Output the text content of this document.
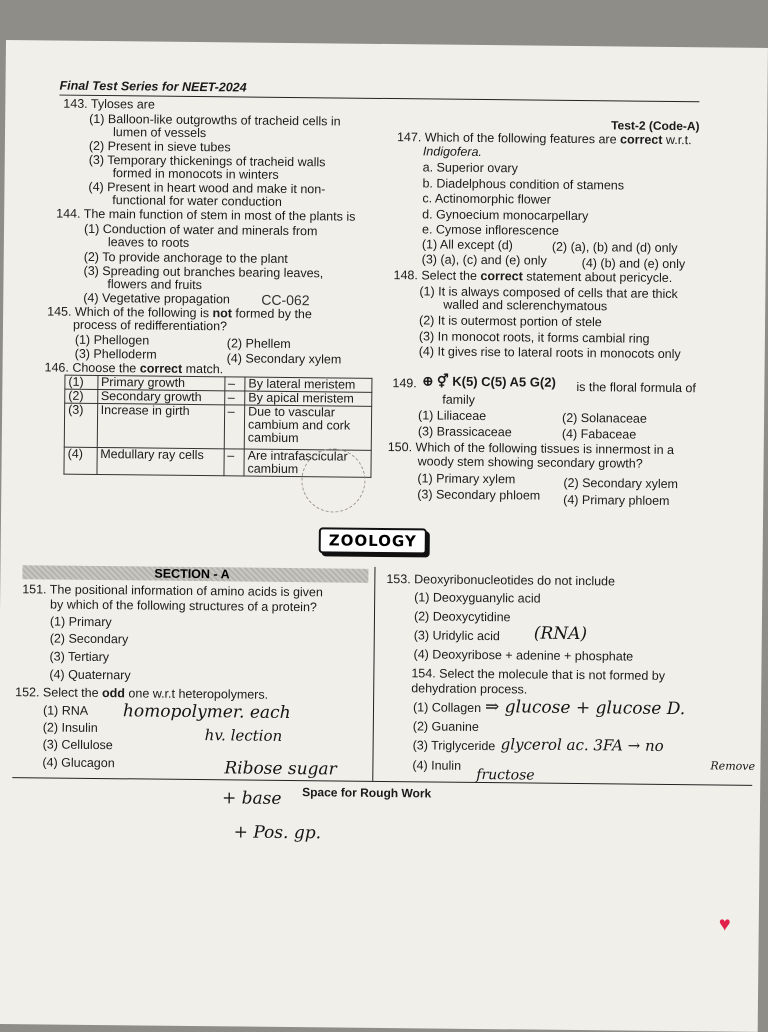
Final Test Series for NEET-2024
Test-2 (Code-A)
143. Tyloses are
(1) Balloon-like outgrowths of tracheid cells in
lumen of vessels
(2) Present in sieve tubes
(3) Temporary thickenings of tracheid walls
formed in monocots in winters
(4) Present in heart wood and make it non-
functional for water conduction
144. The main function of stem in most of the plants is
(1) Conduction of water and minerals from
leaves to roots
(2) To provide anchorage to the plant
(3) Spreading out branches bearing leaves,
flowers and fruits
(4) Vegetative propagation CC-062
145. Which of the following is not formed by the
process of redifferentiation?
(1) Phellogen	(2) Phellem
(3) Phelloderm	(4) Secondary xylem
146. Choose the correct match.
(1)	Primary growth	–	By lateral meristem
(2)	Secondary growth	–	By apical meristem
(3)	Increase in girth	–	Due to vascular cambium and cork cambium
(4)	Medullary ray cells	–	Are intrafascicular cambium
147. Which of the following features are correct w.r.t.
Indigofera.
a. Superior ovary
b. Diadelphous condition of stamens
c. Actinomorphic flower
d. Gynoecium monocarpellary
e. Cymose inflorescence
(1) All except (d)	(2) (a), (b) and (d) only
(3) (a), (c) and (e) only	(4) (b) and (e) only
148. Select the correct statement about pericycle.
(1) It is always composed of cells that are thick
walled and sclerenchymatous
(2) It is outermost portion of stele
(3) In monocot roots, it forms cambial ring
(4) It gives rise to lateral roots in monocots only
149. ⊕ ⚥ K(5) C(5) A5 G(2) is the floral formula of
family
(1) Liliaceae	(2) Solanaceae
(3) Brassicaceae	(4) Fabaceae
150. Which of the following tissues is innermost in a
woody stem showing secondary growth?
(1) Primary xylem	(2) Secondary xylem
(3) Secondary phloem (4) Primary phloem
ZOOLOGY
SECTION - A
151. The positional information of amino acids is given
by which of the following structures of a protein?
(1) Primary
(2) Secondary
(3) Tertiary
(4) Quaternary
152. Select the odd one w.r.t heteropolymers.
(1) RNA
(2) Insulin
(3) Cellulose
(4) Glucagon
153. Deoxyribonucleotides do not include
(1) Deoxyguanylic acid
(2) Deoxycytidine
(3) Uridylic acid
(4) Deoxyribose + adenine + phosphate
154. Select the molecule that is not formed by
dehydration process.
(1) Collagen
(2) Guanine
(3) Triglyceride
(4) Inulin
Space for Rough Work
homopolymer. each
hv. lection
Ribose sugar
+ base
+ Pos. gp.
(RNA)
⇒ glucose + glucose D.
glycerol ac. 3FA → no
Remove
fructose
♥
